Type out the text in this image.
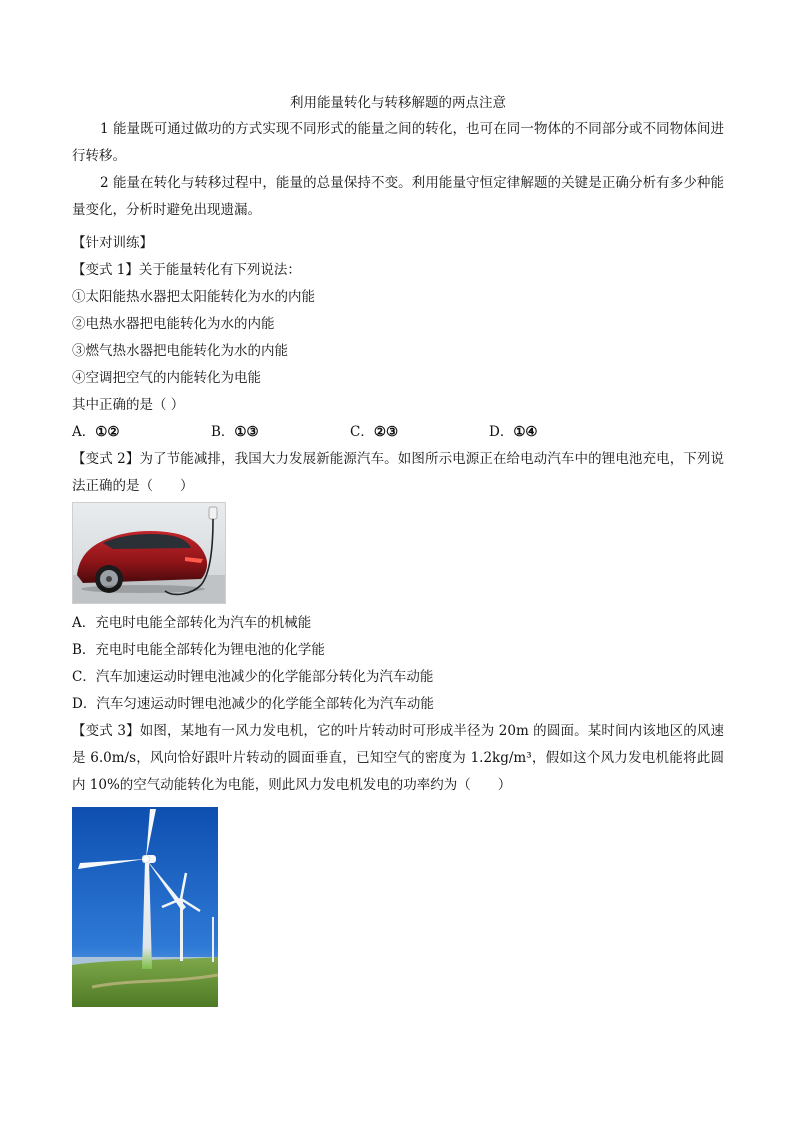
利用能量转化与转移解题的两点注意

1 能量既可通过做功的方式实现不同形式的能量之间的转化，也可在同一物体的不同部分或不同物体间进行转移。

2 能量在转化与转移过程中，能量的总量保持不变。利用能量守恒定律解题的关键是正确分析有多少种能量变化，分析时避免出现遗漏。

【针对训练】

【变式 1】关于能量转化有下列说法：

①太阳能热水器把太阳能转化为水的内能

②电热水器把电能转化为水的内能

③燃气热水器把电能转化为水的内能

④空调把空气的内能转化为电能

其中正确的是（ ）

A．①②	B．①③	C．②③	D．①④

【变式 2】为了节能减排，我国大力发展新能源汽车。如图所示电源正在给电动汽车中的锂电池充电，下列说法正确的是（　　）

A．充电时电能全部转化为汽车的机械能

B．充电时电能全部转化为锂电池的化学能

C．汽车加速运动时锂电池减少的化学能部分转化为汽车动能

D．汽车匀速运动时锂电池减少的化学能全部转化为汽车动能

【变式 3】如图，某地有一风力发电机，它的叶片转动时可形成半径为 20m 的圆面。某时间内该地区的风速是 6.0m/s，风向恰好跟叶片转动的圆面垂直，已知空气的密度为 1.2kg/m³，假如这个风力发电机能将此圆内 10%的空气动能转化为电能，则此风力发电机发电的功率约为（　　）
